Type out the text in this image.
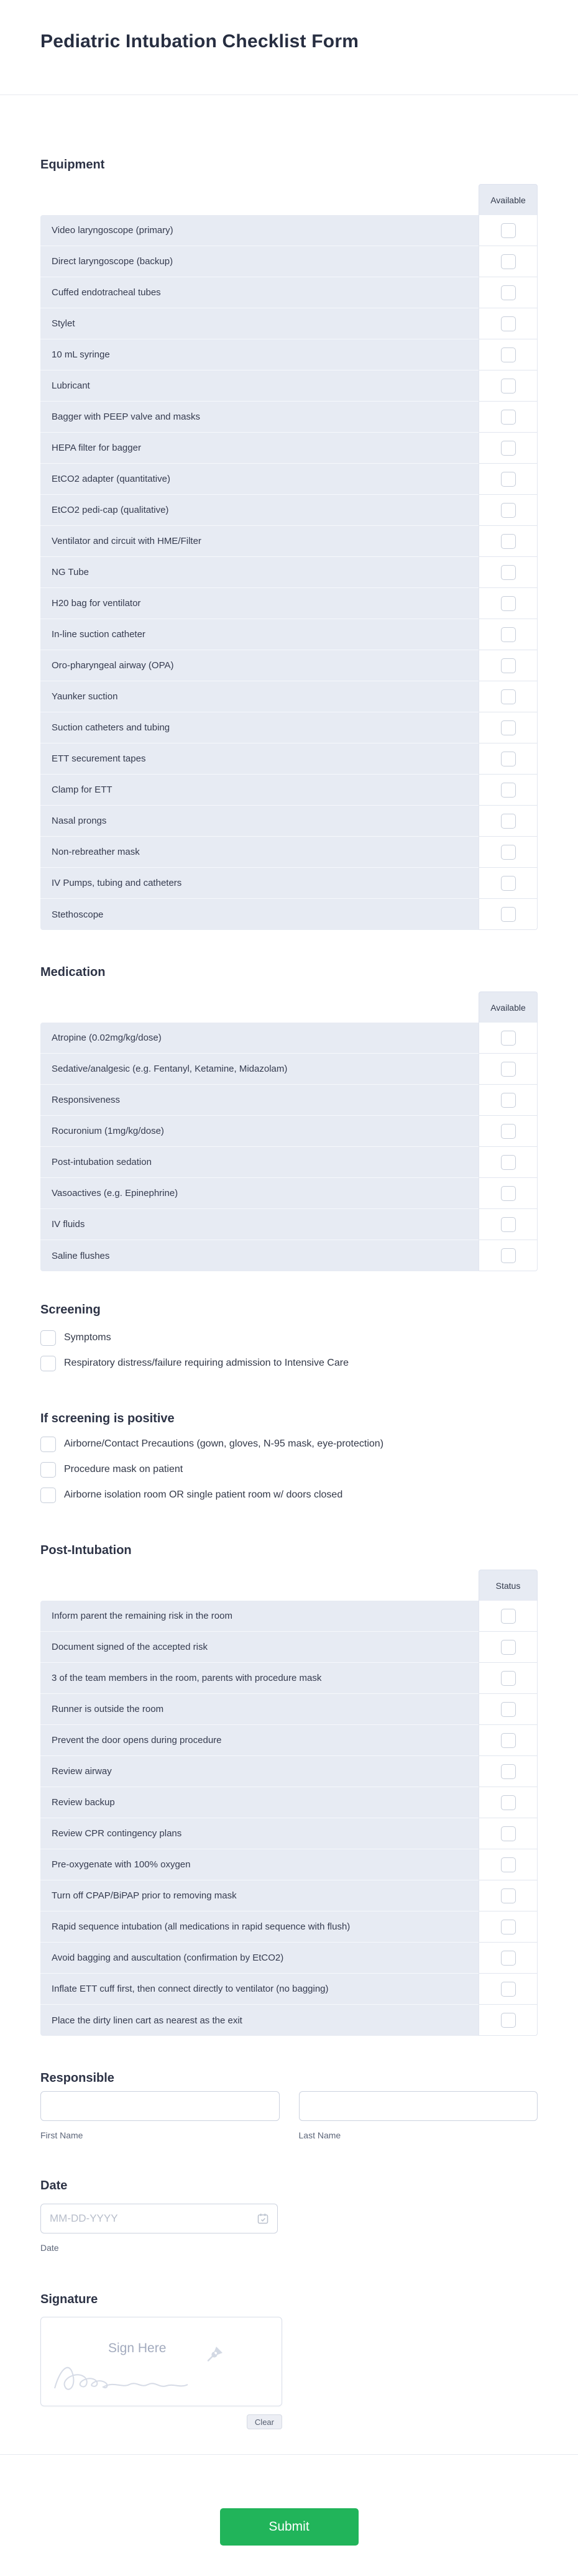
Pediatric Intubation Checklist Form
Equipment
Available
Video laryngoscope (primary)
Direct laryngoscope (backup)
Cuffed endotracheal tubes
Stylet
10 mL syringe
Lubricant
Bagger with PEEP valve and masks
HEPA filter for bagger
EtCO2 adapter (quantitative)
EtCO2 pedi-cap (qualitative)
Ventilator and circuit with HME/Filter
NG Tube
H20 bag for ventilator
In-line suction catheter
Oro-pharyngeal airway (OPA)
Yaunker suction
Suction catheters and tubing
ETT securement tapes
Clamp for ETT
Nasal prongs
Non-rebreather mask
IV Pumps, tubing and catheters
Stethoscope
Medication
Available
Atropine (0.02mg/kg/dose)
Sedative/analgesic (e.g. Fentanyl, Ketamine, Midazolam)
Responsiveness
Rocuronium (1mg/kg/dose)
Post-intubation sedation
Vasoactives (e.g. Epinephrine)
IV fluids
Saline flushes
Screening
Symptoms
Respiratory distress/failure requiring admission to Intensive Care
If screening is positive
Airborne/Contact Precautions (gown, gloves, N-95 mask, eye-protection)
Procedure mask on patient
Airborne isolation room OR single patient room w/ doors closed
Post-Intubation
Status
Inform parent the remaining risk in the room
Document signed of the accepted risk
3 of the team members in the room, parents with procedure mask
Runner is outside the room
Prevent the door opens during procedure
Review airway
Review backup
Review CPR contingency plans
Pre-oxygenate with 100% oxygen
Turn off CPAP/BiPAP prior to removing mask
Rapid sequence intubation (all medications in rapid sequence with flush)
Avoid bagging and auscultation (confirmation by EtCO2)
Inflate ETT cuff first, then connect directly to ventilator (no bagging)
Place the dirty linen cart as nearest as the exit
Responsible
First Name	Last Name
Date
MM-DD-YYYY
Date
Signature
Sign Here
Clear
Submit
